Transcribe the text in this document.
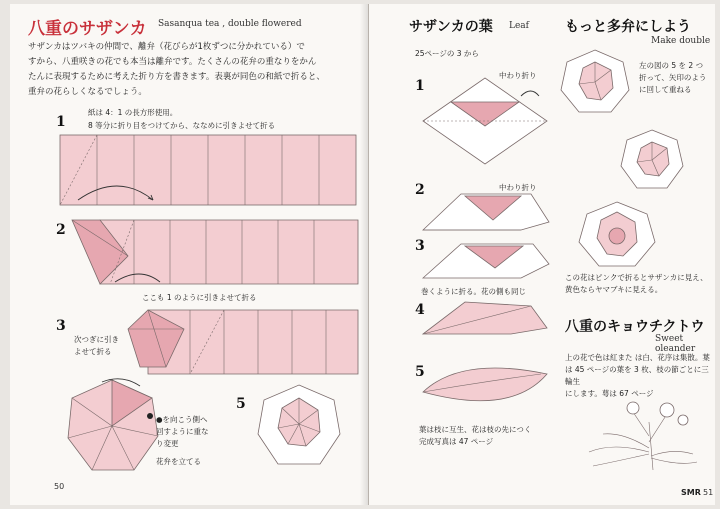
八重のサザンカ Sasanqua tea , double flowered
サザンカはツバキの仲間で、離弁（花びらが1枚ずつに分かれている）で
すから、八重咲きの花でも本当は離弁です。たくさんの花弁の重なりをかん
たんに表現するために考えた折り方を書きます。表裏が同色の和紙で折ると、
重弁の花らしくなるでしょう。
紙は 4：1 の長方形使用。
8 等分に折り目をつけてから、ななめに引きよせて折る
1
2
ここも 1 のように引きよせて折る
3
次つぎに引きよせて折る
●を向こう側へ
回すように重な
り変更
花弁を立てる
5
50
サザンカの葉 Leaf
25ページの 3 から
中わり折り
1
中わり折り
2
3
巻くように折る。花の側も同じ
4
5
葉は枝に互生、花は枝の先につく
完成写真は 47 ページ
もっと多弁にしよう
Make double
左の図の 5 を 2 つ
折って、矢印のよう
に回して重ねる
この花はピンクで折るとサザンカに見え、
黄色ならヤマブキに見える。
八重のキョウチクトウ
Sweet oleander
上の花で色は紅また は白、花序は集散。葉
は 45 ページの葉を 3 枚、枝の節ごとに三輪生
にします。萼は 67 ページ
SMR 51
